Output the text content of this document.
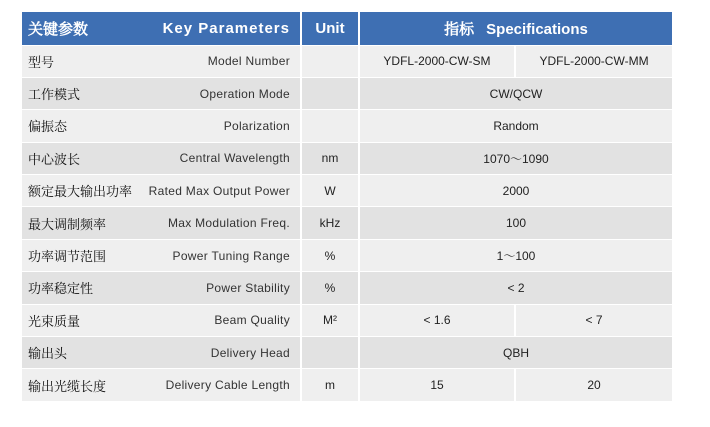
关键参数 Key Parameters	Unit	指标 Specifications	

型号 Model Number		YDFL-2000-CW-SM	YDFL-2000-CW-MM

工作模式 Operation Mode		CW/QCW	

偏振态 Polarization		Random	

中心波长 Central Wavelength	nm	1070～1090	

额定最大输出功率 Rated Max Output Power	W	2000	

最大调制频率 Max Modulation Freq.	kHz	100	

功率调节范围 Power Tuning Range	%	1～100	

功率稳定性 Power Stability	%	< 2	

光束质量 Beam Quality	M²	< 1.6	< 7

输出头 Delivery Head		QBH	

输出光缆长度 Delivery Cable Length	m	15	20
